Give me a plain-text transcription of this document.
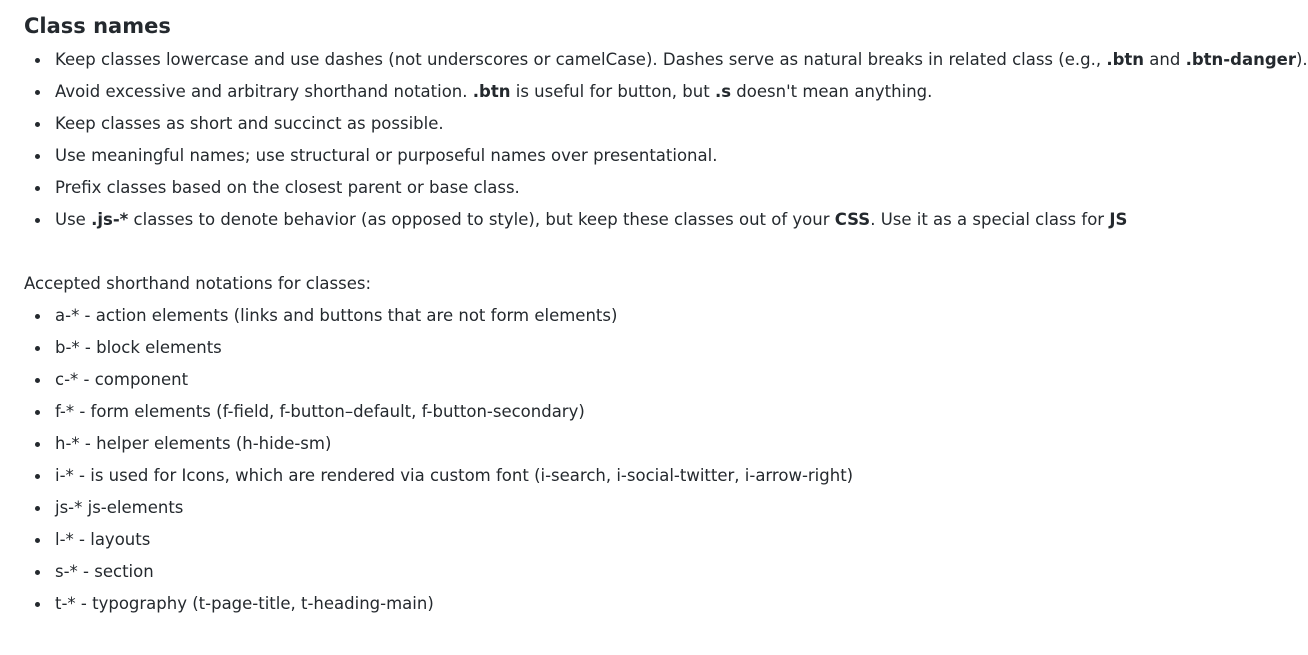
Class names
Keep classes lowercase and use dashes (not underscores or camelCase). Dashes serve as natural breaks in related class (e.g., .btn and .btn-danger).
Avoid excessive and arbitrary shorthand notation. .btn is useful for button, but .s doesn't mean anything.
Keep classes as short and succinct as possible.
Use meaningful names; use structural or purposeful names over presentational.
Prefix classes based on the closest parent or base class.
Use .js-* classes to denote behavior (as opposed to style), but keep these classes out of your CSS. Use it as a special class for JS

Accepted shorthand notations for classes:

a-* - action elements (links and buttons that are not form elements)
b-* - block elements
c-* - component
f-* - form elements (f-field, f-button–default, f-button-secondary)
h-* - helper elements (h-hide-sm)
i-* - is used for Icons, which are rendered via custom font (i-search, i-social-twitter, i-arrow-right)
js-* js-elements
l-* - layouts
s-* - section
t-* - typography (t-page-title, t-heading-main)
